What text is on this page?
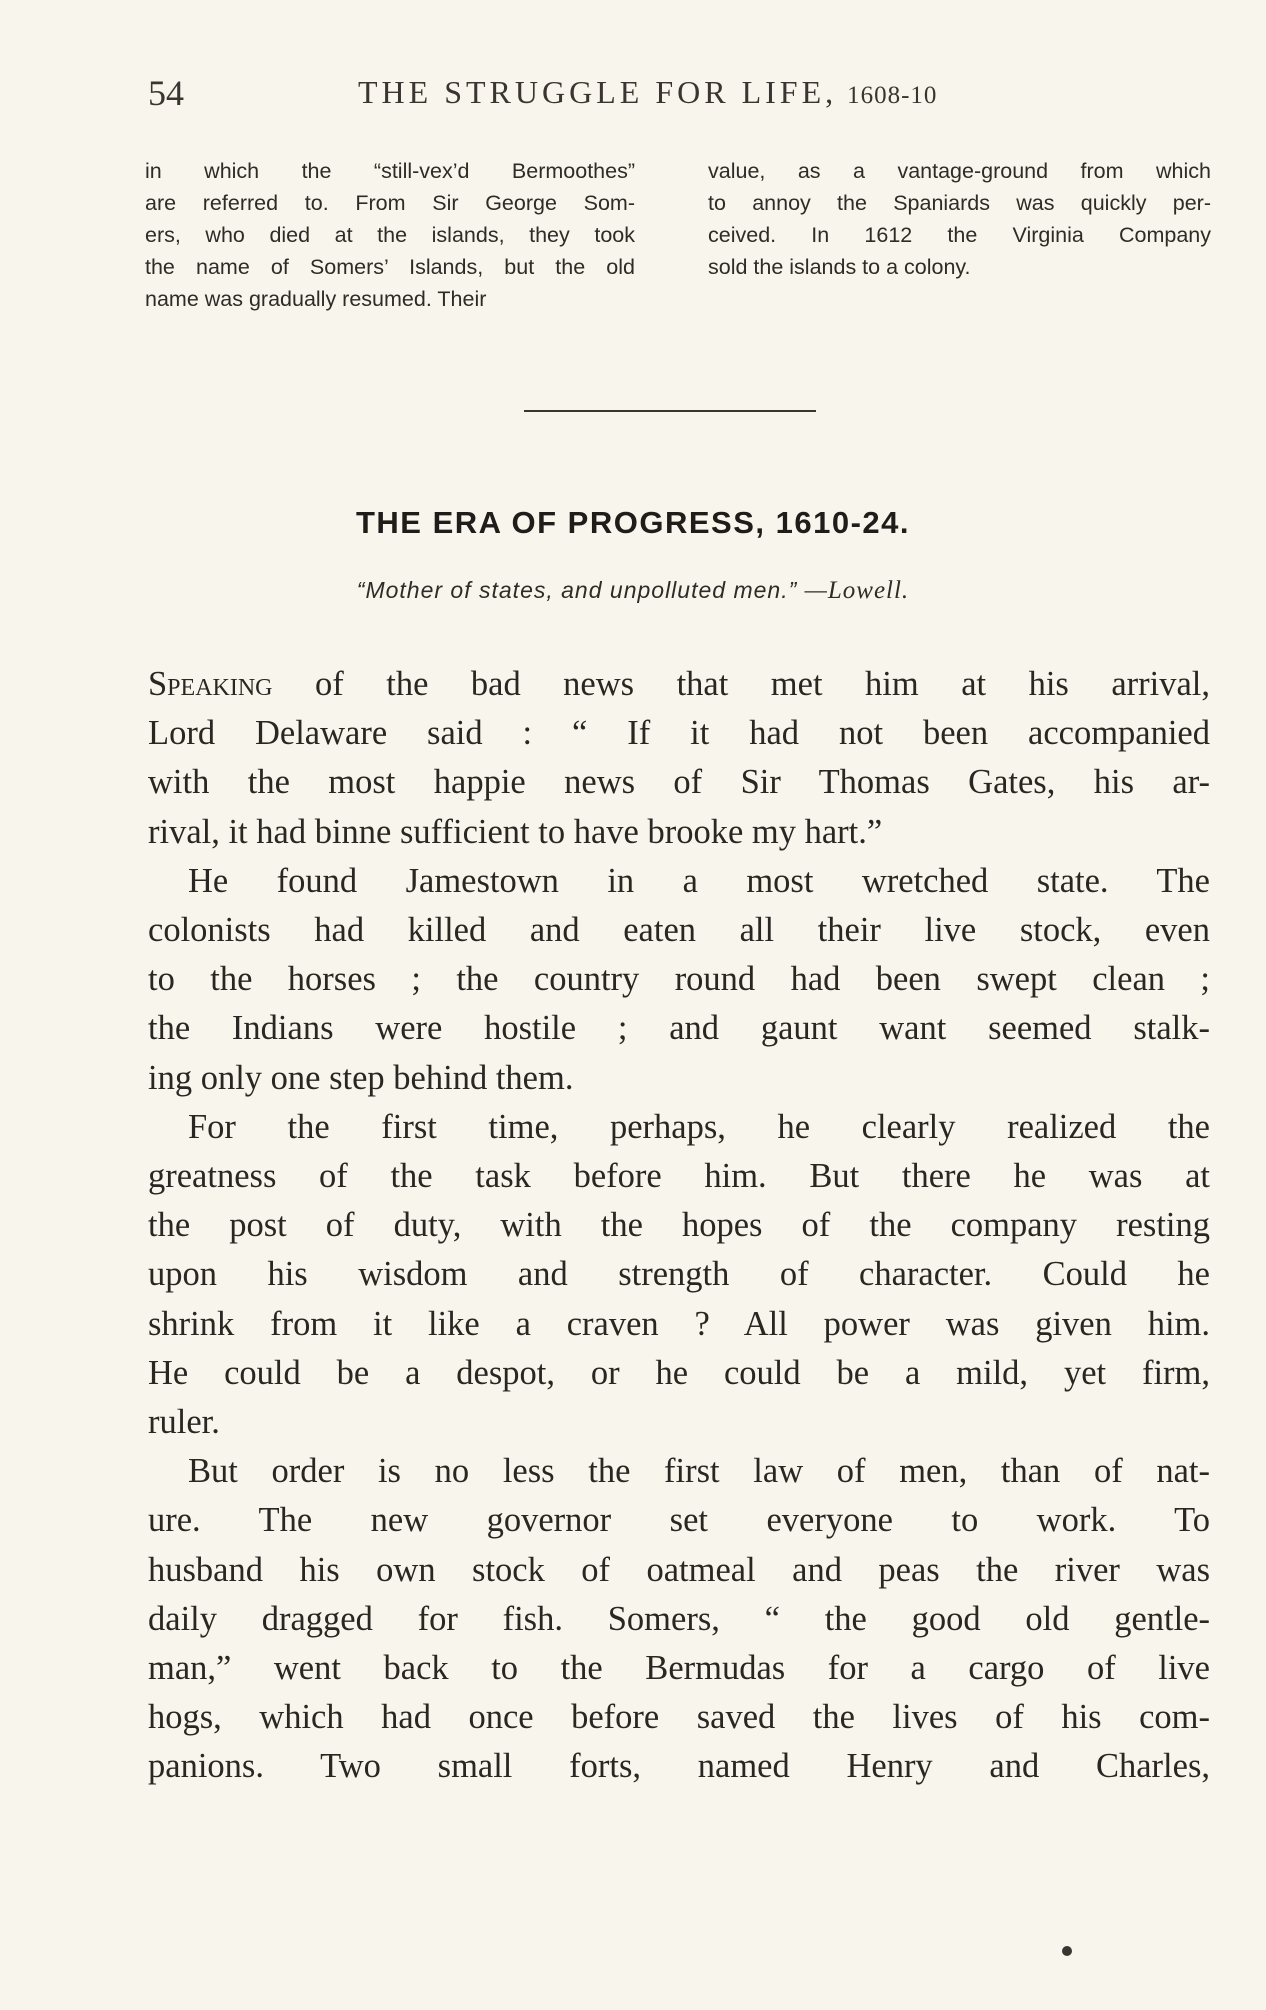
54	THE STRUGGLE FOR LIFE, 1608-10
in which the “still-vex’d Bermoothes”
are referred to. From Sir George Som-
ers, who died at the islands, they took
the name of Somers’ Islands, but the old
name was gradually resumed. Their
value, as a vantage-ground from which
to annoy the Spaniards was quickly per-
ceived. In 1612 the Virginia Company
sold the islands to a colony.
THE ERA OF PROGRESS, 1610-24.
“Mother of states, and unpolluted men.” —Lowell.
Speaking of the bad news that met him at his arrival,
Lord Delaware said : “ If it had not been accompanied
with the most happie news of Sir Thomas Gates, his ar-
rival, it had binne sufficient to have brooke my hart.”
He found Jamestown in a most wretched state. The
colonists had killed and eaten all their live stock, even
to the horses ; the country round had been swept clean ;
the Indians were hostile ; and gaunt want seemed stalk-
ing only one step behind them.
For the first time, perhaps, he clearly realized the
greatness of the task before him. But there he was at
the post of duty, with the hopes of the company resting
upon his wisdom and strength of character. Could he
shrink from it like a craven ? All power was given him.
He could be a despot, or he could be a mild, yet firm,
ruler.
But order is no less the first law of men, than of nat-
ure. The new governor set everyone to work. To
husband his own stock of oatmeal and peas the river was
daily dragged for fish. Somers, “ the good old gentle-
man,” went back to the Bermudas for a cargo of live
hogs, which had once before saved the lives of his com-
panions. Two small forts, named Henry and Charles,
